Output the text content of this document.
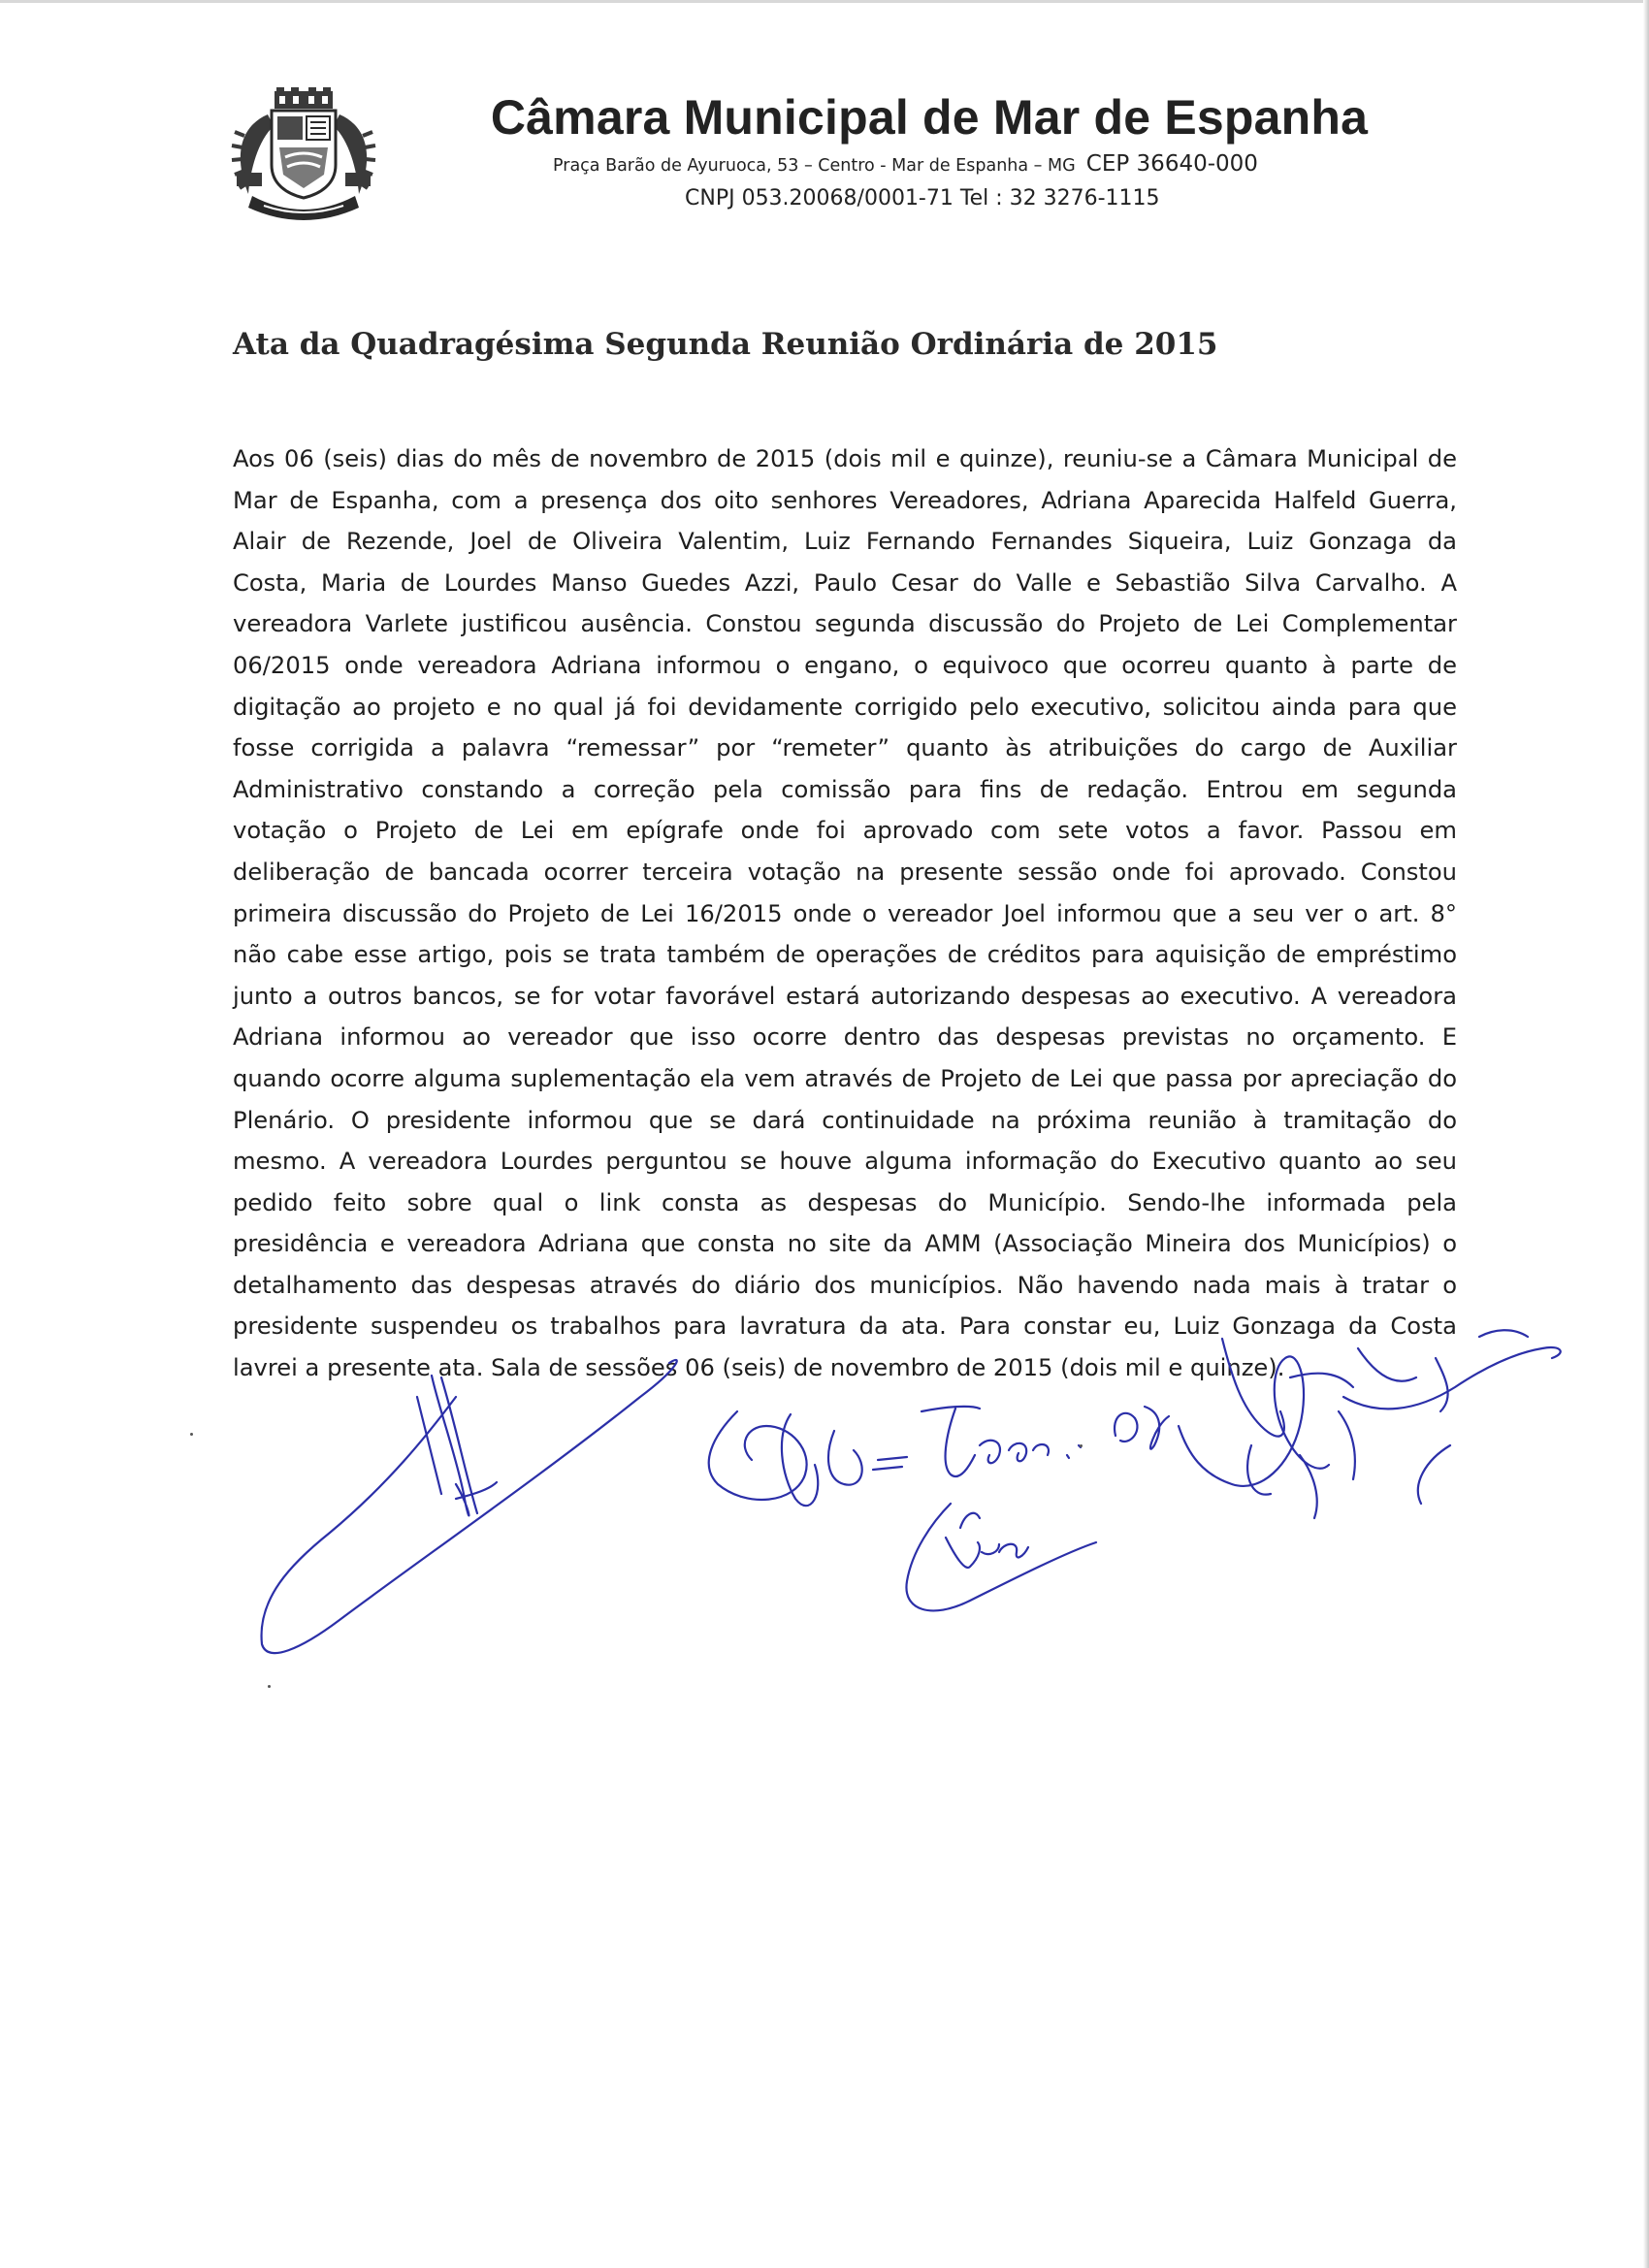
Câmara Municipal de Mar de Espanha
Praça Barão de Ayuruoca, 53 – Centro - Mar de Espanha – MG CEP 36640-000
CNPJ 053.20068/0001-71 Tel : 32 3276-1115
Ata da Quadragésima Segunda Reunião Ordinária de 2015
Aos 06 (seis) dias do mês de novembro de 2015 (dois mil e quinze), reuniu-se a Câmara Municipal de
Mar de Espanha, com a presença dos oito senhores Vereadores, Adriana Aparecida Halfeld Guerra,
Alair de Rezende, Joel de Oliveira Valentim, Luiz Fernando Fernandes Siqueira, Luiz Gonzaga da
Costa, Maria de Lourdes Manso Guedes Azzi, Paulo Cesar do Valle e Sebastião Silva Carvalho. A
vereadora Varlete justificou ausência. Constou segunda discussão do Projeto de Lei Complementar
06/2015 onde vereadora Adriana informou o engano, o equivoco que ocorreu quanto à parte de
digitação ao projeto e no qual já foi devidamente corrigido pelo executivo, solicitou ainda para que
fosse corrigida a palavra “remessar” por “remeter” quanto às atribuições do cargo de Auxiliar
Administrativo constando a correção pela comissão para fins de redação. Entrou em segunda
votação o Projeto de Lei em epígrafe onde foi aprovado com sete votos a favor. Passou em
deliberação de bancada ocorrer terceira votação na presente sessão onde foi aprovado. Constou
primeira discussão do Projeto de Lei 16/2015 onde o vereador Joel informou que a seu ver o art. 8°
não cabe esse artigo, pois se trata também de operações de créditos para aquisição de empréstimo
junto a outros bancos, se for votar favorável estará autorizando despesas ao executivo. A vereadora
Adriana informou ao vereador que isso ocorre dentro das despesas previstas no orçamento. E
quando ocorre alguma suplementação ela vem através de Projeto de Lei que passa por apreciação do
Plenário. O presidente informou que se dará continuidade na próxima reunião à tramitação do
mesmo. A vereadora Lourdes perguntou se houve alguma informação do Executivo quanto ao seu
pedido feito sobre qual o link consta as despesas do Município. Sendo-lhe informada pela
presidência e vereadora Adriana que consta no site da AMM (Associação Mineira dos Municípios) o
detalhamento das despesas através do diário dos municípios. Não havendo nada mais à tratar o
presidente suspendeu os trabalhos para lavratura da ata. Para constar eu, Luiz Gonzaga da Costa
lavrei a presente ata. Sala de sessões 06 (seis) de novembro de 2015 (dois mil e quinze).
